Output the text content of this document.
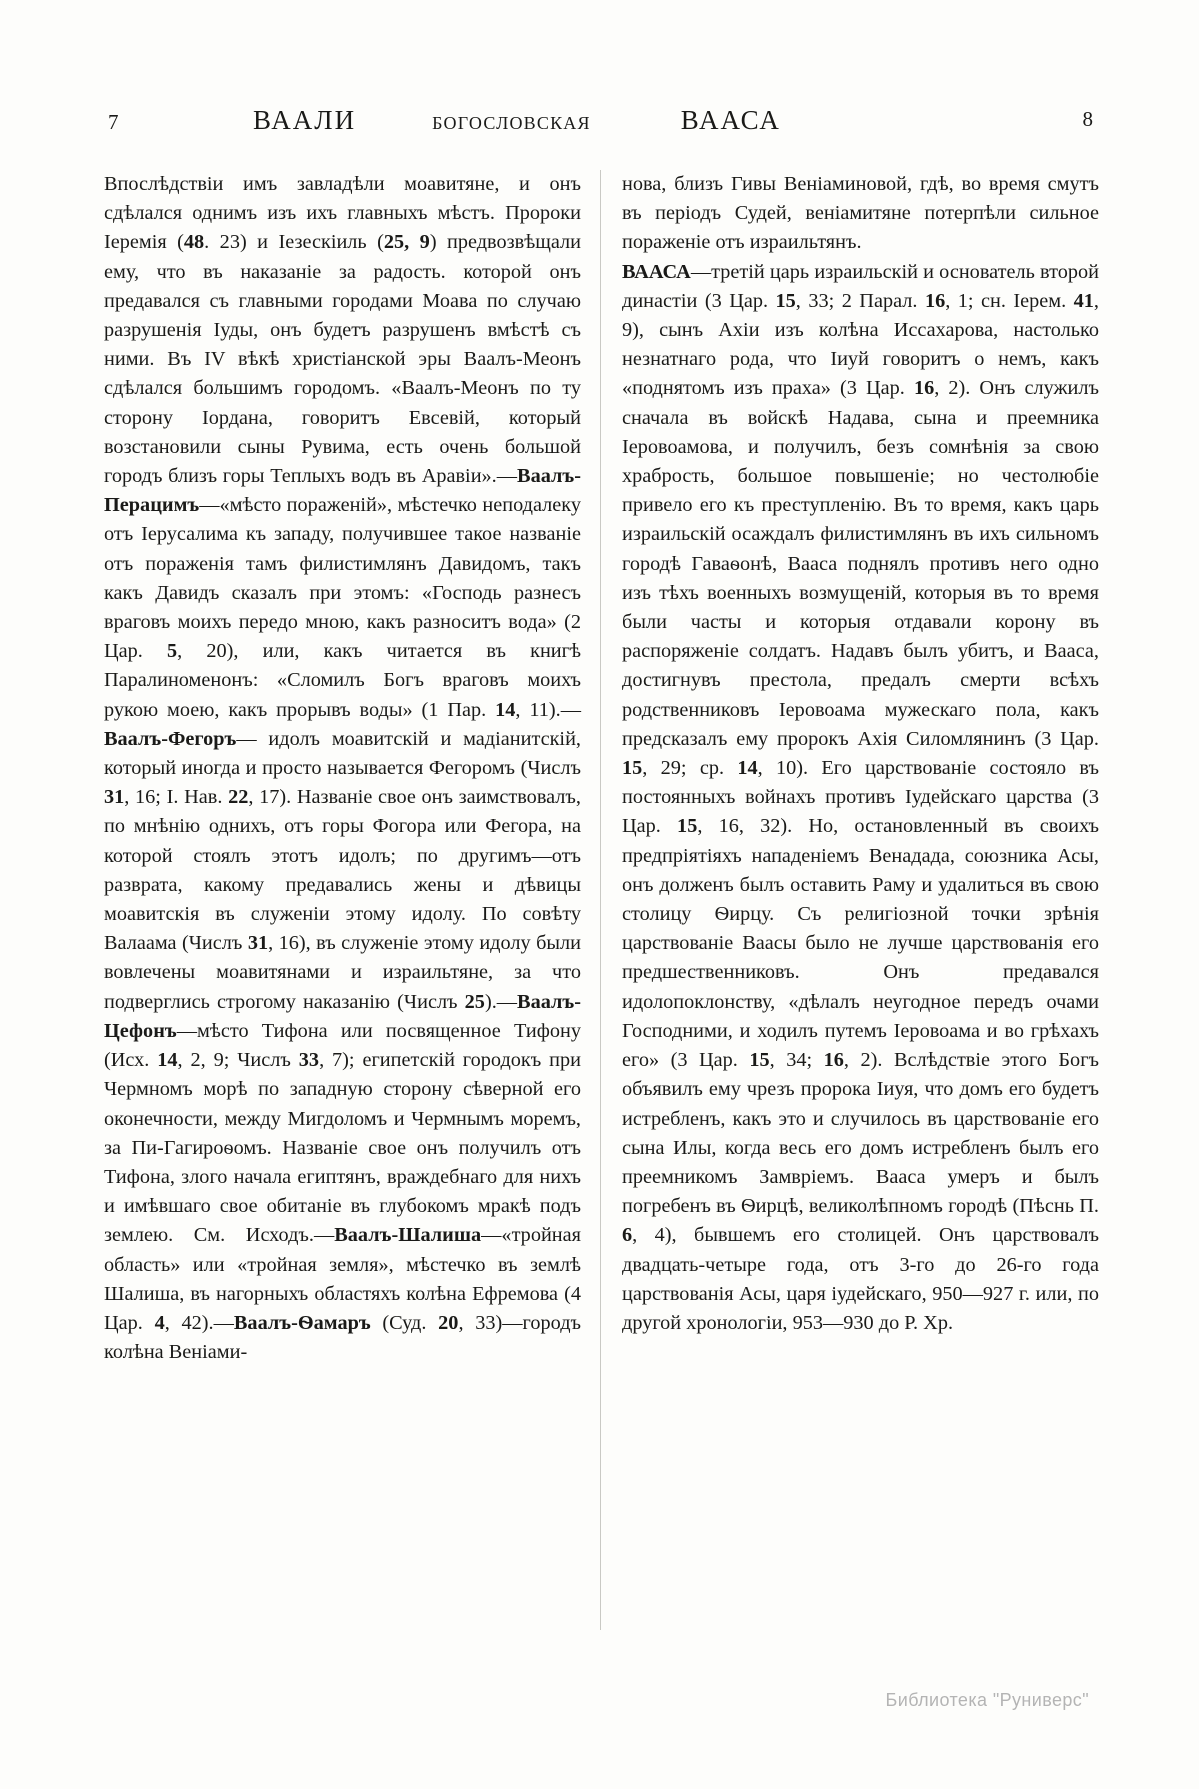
7	ВААЛИ	БОГОСЛОВСКАЯ	ВААСА	8

Впослѣдствіи имъ завладѣли моавитяне, и онъ сдѣлался однимъ изъ ихъ главныхъ мѣстъ. Пророки Іеремія (48. 23) и Іезескіиль (25, 9) предвозвѣщали ему, что въ наказаніе за радость. которой онъ предавался съ главными городами Моава по случаю разрушенія Іуды, онъ будетъ разрушенъ вмѣстѣ съ ними. Въ IV вѣкѣ христіанской эры Ваалъ-Меонъ сдѣлался большимъ городомъ. «Ваалъ-Меонъ по ту сторону Іордана, говоритъ Евсевій, который возстановили сыны Рувима, есть очень большой городъ близъ горы Теплыхъ водъ въ Аравіи».—Ваалъ-Перацимъ—«мѣсто пораженій», мѣстечко неподалеку отъ Іерусалима къ западу, получившее такое названіе отъ пораженія тамъ филистимлянъ Давидомъ, такъ какъ Давидъ сказалъ при этомъ: «Господь разнесъ враговъ моихъ передо мною, какъ разноситъ вода» (2 Цар. 5, 20), или, какъ читается въ книгѣ Паралиноменонъ: «Сломилъ Богъ враговъ моихъ рукою моею, какъ прорывъ воды» (1 Пар. 14, 11).—Ваалъ-Фегоръ— идолъ моавитскій и мадіанитскій, который иногда и просто называется Фегоромъ (Числъ 31, 16; I. Нав. 22, 17). Названіе свое онъ заимствовалъ, по мнѣнію однихъ, отъ горы Фогора или Фегора, на которой стоялъ этотъ идолъ; по другимъ—отъ разврата, какому предавались жены и дѣвицы моавитскія въ служеніи этому идолу. По совѣту Валаама (Числъ 31, 16), въ служеніе этому идолу были вовлечены моавитянами и израильтяне, за что подверглись строгому наказанію (Числъ 25).—Ваалъ-Цефонъ—мѣсто Тифона или посвященное Тифону (Исх. 14, 2, 9; Числъ 33, 7); египетскій городокъ при Чермномъ морѣ по западную сторону сѣверной его оконечности, между Мигдоломъ и Чермнымъ моремъ, за Пи-Гагироѳомъ. Названіе свое онъ получилъ отъ Тифона, злого начала египтянъ, враждебнаго для нихъ и имѣвшаго свое обитаніе въ глубокомъ мракѣ подъ землею. См. Исходъ.—Ваалъ-Шалиша—«тройная область» или «тройная земля», мѣстечко въ землѣ Шалиша, въ нагорныхъ областяхъ колѣна Ефремова (4 Цар. 4, 42).—Ваалъ-Ѳамаръ (Суд. 20, 33)—городъ колѣна Веніами-

нова, близъ Гивы Веніаминовой, гдѣ, во время смутъ въ періодъ Судей, веніамитяне потерпѣли сильное пораженіе отъ израильтянъ.
ВААСА—третій царь израильскій и основатель второй династіи (3 Цар. 15, 33; 2 Парал. 16, 1; сн. Іерем. 41, 9), сынъ Ахіи изъ колѣна Иссахарова, настолько незнатнаго рода, что Іиуй говоритъ о немъ, какъ «поднятомъ изъ праха» (3 Цар. 16, 2). Онъ служилъ сначала въ войскѣ Надава, сына и преемника Іеровоамова, и получилъ, безъ сомнѣнія за свою храбрость, большое повышеніе; но честолюбіе привело его къ преступленію. Въ то время, какъ царь израильскій осаждалъ филистимлянъ въ ихъ сильномъ городѣ Гаваѳонѣ, Вааса поднялъ противъ него одно изъ тѣхъ военныхъ возмущеній, которыя въ то время были часты и которыя отдавали корону въ распоряженіе солдатъ. Надавъ былъ убитъ, и Вааса, достигнувъ престола, предалъ смерти всѣхъ родственниковъ Іеровоама мужескаго пола, какъ предсказалъ ему пророкъ Ахія Силомлянинъ (3 Цар. 15, 29; ср. 14, 10). Его царствованіе состояло въ постоянныхъ войнахъ противъ Іудейскаго царства (3 Цар. 15, 16, 32). Но, остановленный въ своихъ предпріятіяхъ нападеніемъ Венадада, союзника Асы, онъ долженъ былъ оставить Раму и удалиться въ свою столицу Ѳирцу. Съ религіозной точки зрѣнія царствованіе Ваасы было не лучше царствованія его предшественниковъ. Онъ предавался идолопоклонству, «дѣлалъ неугодное передъ очами Господними, и ходилъ путемъ Іеровоама и во грѣхахъ его» (3 Цар. 15, 34; 16, 2). Вслѣдствіе этого Богъ объявилъ ему чрезъ пророка Іиуя, что домъ его будетъ истребленъ, какъ это и случилось въ царствованіе его сына Илы, когда весь его домъ истребленъ былъ его преемникомъ Замвріемъ. Вааса умеръ и былъ погребенъ въ Ѳирцѣ, великолѣпномъ городѣ (Пѣснь П. 6, 4), бывшемъ его столицей. Онъ царствовалъ двадцать-четыре года, отъ 3-го до 26-го года царствованія Асы, царя іудейскаго, 950—927 г. или, по другой хронологіи, 953—930 до Р. Хр.

Библиотека "Руниверс"
